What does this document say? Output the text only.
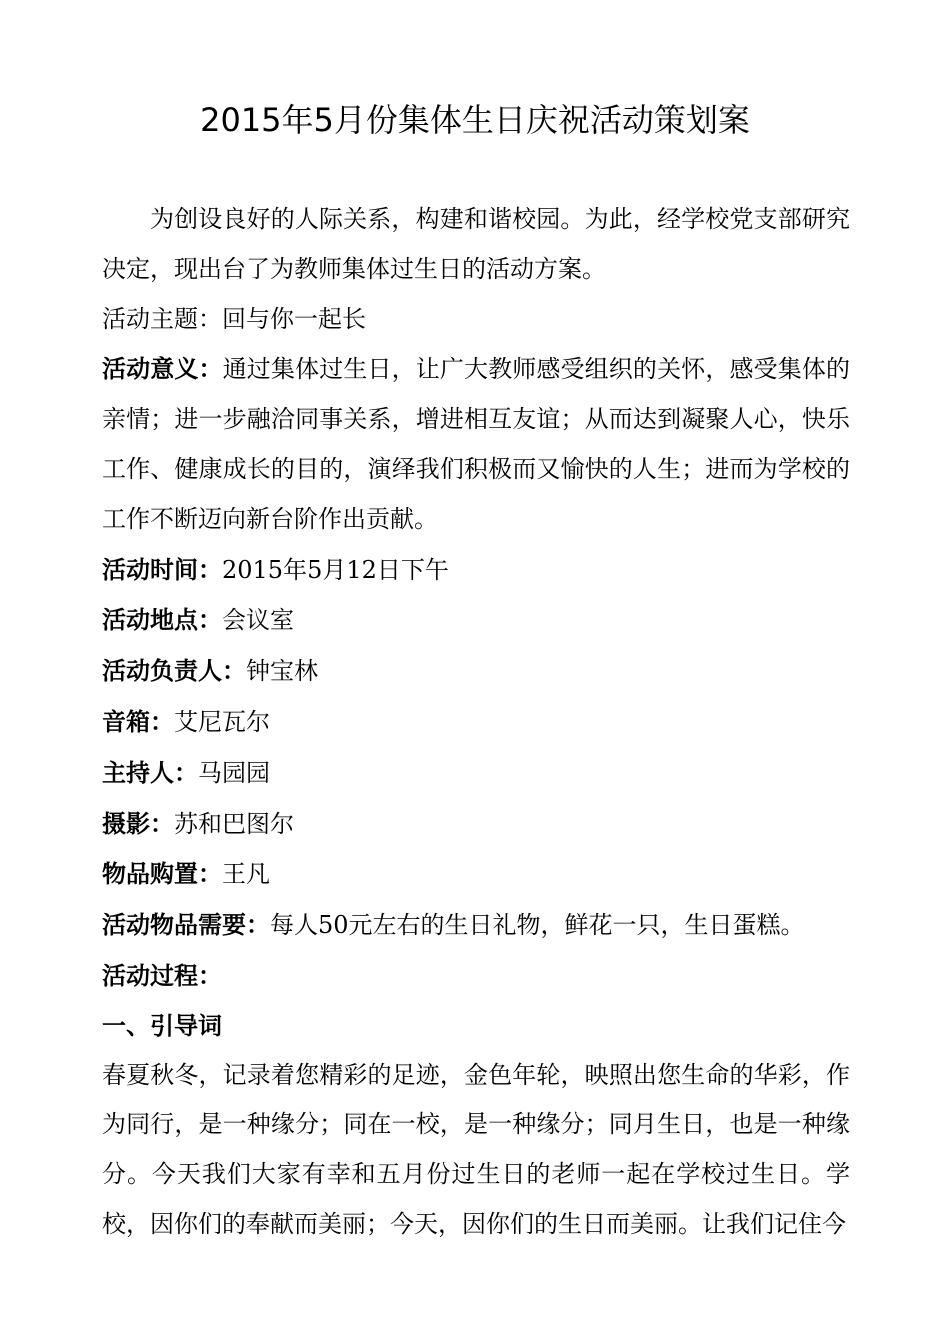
2015年5月份集体生日庆祝活动策划案

为创设良好的人际关系，构建和谐校园。为此，经学校党支部研究决定，现出台了为教师集体过生日的活动方案。

活动主题：回与你一起长

活动意义：通过集体过生日，让广大教师感受组织的关怀，感受集体的亲情；进一步融洽同事关系，增进相互友谊；从而达到凝聚人心，快乐工作、健康成长的目的，演绎我们积极而又愉快的人生；进而为学校的工作不断迈向新台阶作出贡献。

活动时间：2015年5月12日下午

活动地点：会议室

活动负责人：钟宝林

音箱：艾尼瓦尔

主持人：马园园

摄影：苏和巴图尔

物品购置：王凡

活动物品需要：每人50元左右的生日礼物，鲜花一只，生日蛋糕。

活动过程：

一、引导词

春夏秋冬，记录着您精彩的足迹，金色年轮，映照出您生命的华彩，作为同行，是一种缘分；同在一校，是一种缘分；同月生日，也是一种缘分。今天我们大家有幸和五月份过生日的老师一起在学校过生日。学校，因你们的奉献而美丽；今天，因你们的生日而美丽。让我们记住今
